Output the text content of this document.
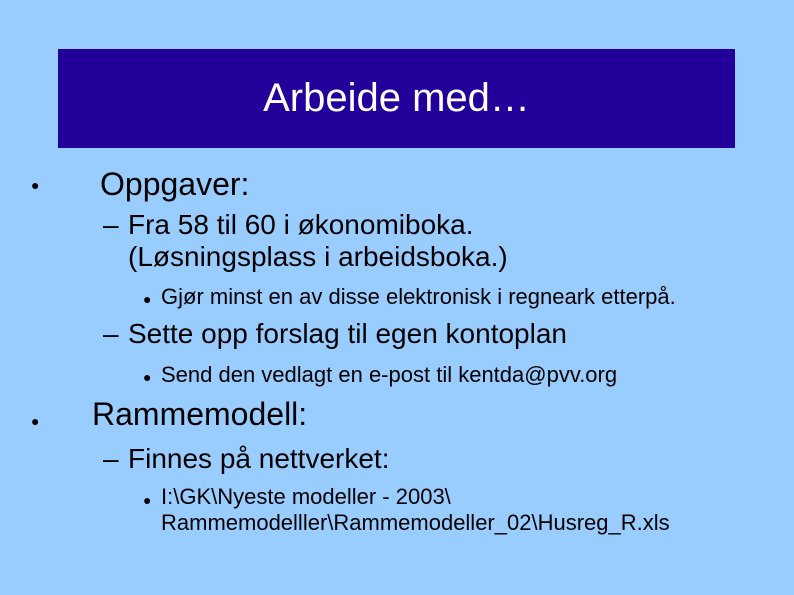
Arbeide med…
● Oppgaver:
– Fra 58 til 60 i økonomiboka.
(Løsningsplass i arbeidsboka.)
● Gjør minst en av disse elektronisk i regneark etterpå.
– Sette opp forslag til egen kontoplan
● Send den vedlagt en e-post til kentda@pvv.org
● Rammemodell:
– Finnes på nettverket:
● I:\GK\Nyeste modeller - 2003\
Rammemodelller\Rammemodeller_02\Husreg_R.xls
